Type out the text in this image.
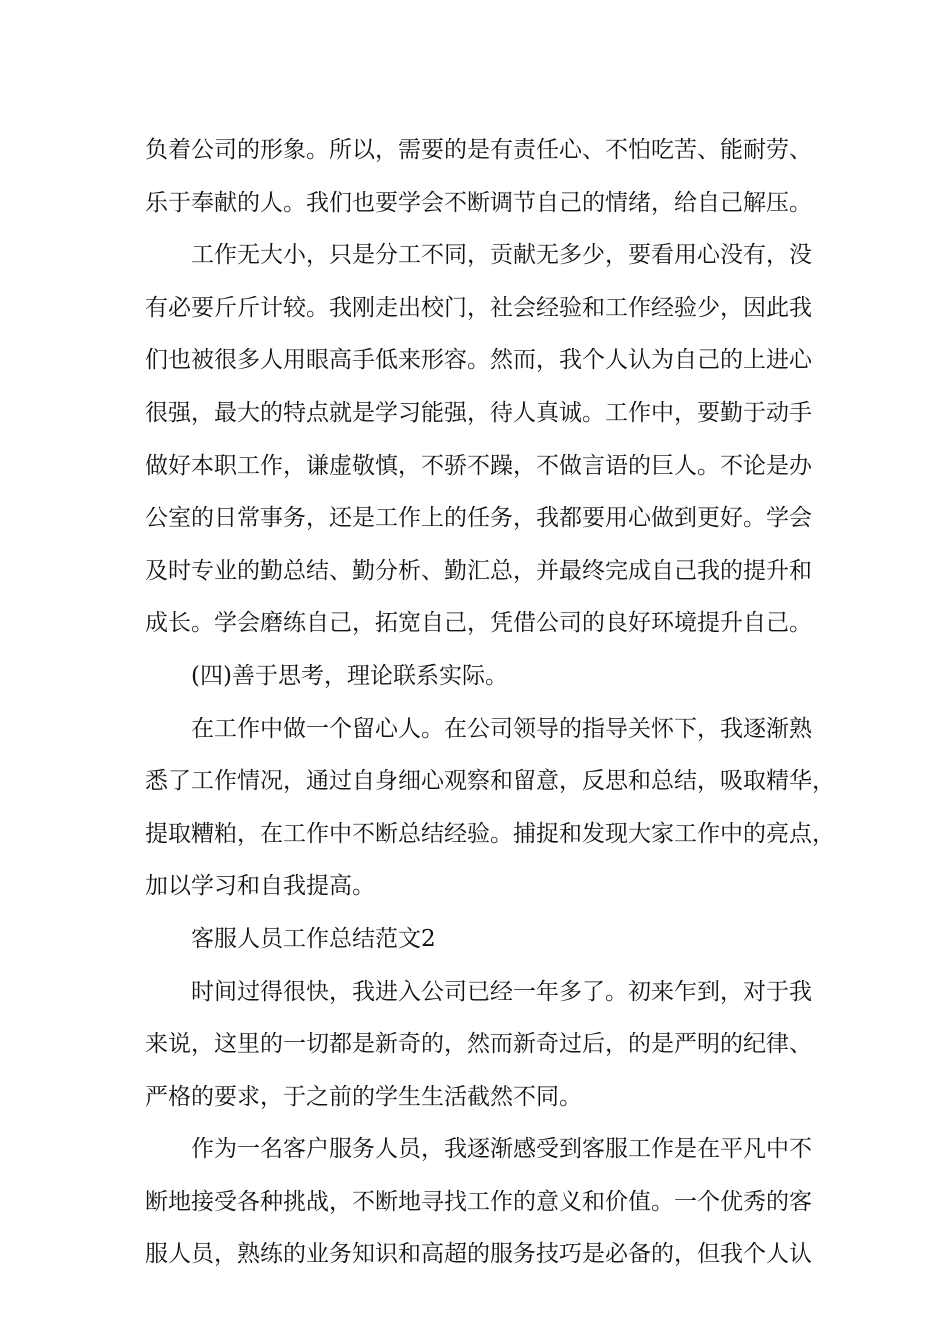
负着公司的形象。所以，需要的是有责任心、不怕吃苦、能耐劳、
乐于奉献的人。我们也要学会不断调节自己的情绪，给自己解压。
工作无大小，只是分工不同，贡献无多少，要看用心没有，没
有必要斤斤计较。我刚走出校门，社会经验和工作经验少，因此我
们也被很多人用眼高手低来形容。然而，我个人认为自己的上进心
很强，最大的特点就是学习能强，待人真诚。工作中，要勤于动手
做好本职工作，谦虚敬慎，不骄不躁，不做言语的巨人。不论是办
公室的日常事务，还是工作上的任务，我都要用心做到更好。学会
及时专业的勤总结、勤分析、勤汇总，并最终完成自己我的提升和
成长。学会磨练自己，拓宽自己，凭借公司的良好环境提升自己。
(四)善于思考，理论联系实际。
在工作中做一个留心人。在公司领导的指导关怀下，我逐渐熟
悉了工作情况，通过自身细心观察和留意，反思和总结，吸取精华，
提取糟粕，在工作中不断总结经验。捕捉和发现大家工作中的亮点，
加以学习和自我提高。
客服人员工作总结范文2
时间过得很快，我进入公司已经一年多了。初来乍到，对于我
来说，这里的一切都是新奇的，然而新奇过后，的是严明的纪律、
严格的要求，于之前的学生生活截然不同。
作为一名客户服务人员，我逐渐感受到客服工作是在平凡中不
断地接受各种挑战，不断地寻找工作的意义和价值。一个优秀的客
服人员，熟练的业务知识和高超的服务技巧是必备的，但我个人认
